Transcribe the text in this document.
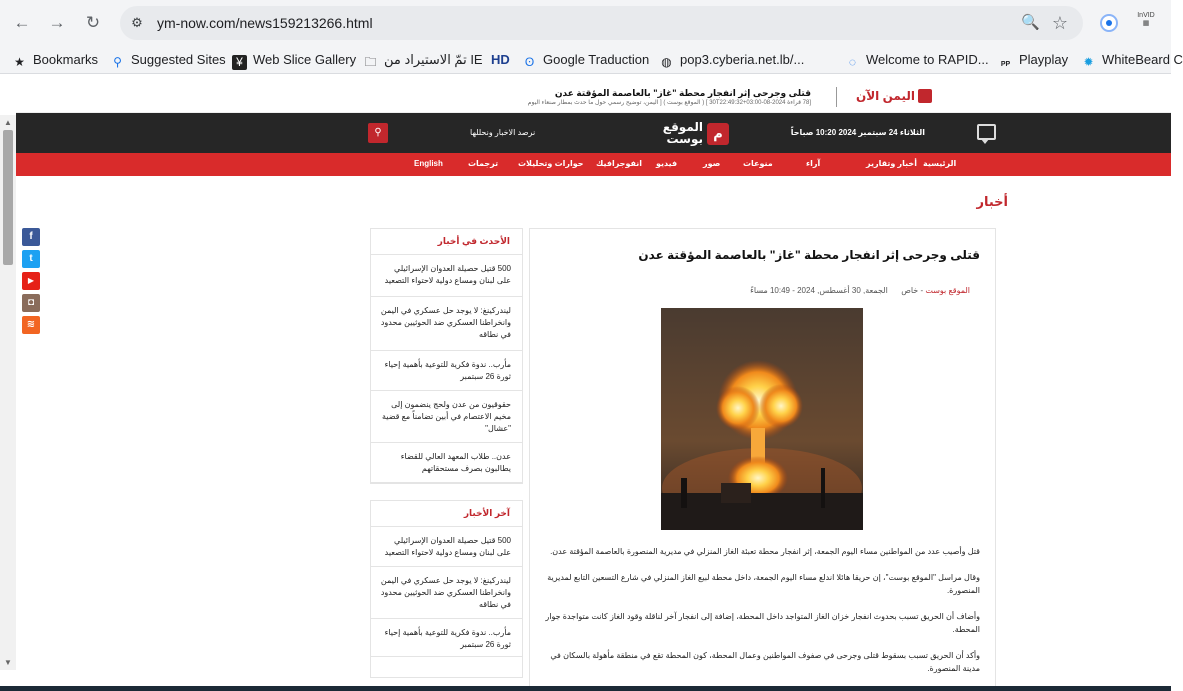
← → ↻	⚙ ym-now.com/news159213266.html	🔍 ☆	InVID
▦
★ Bookmarks ⚲ Suggested Sites ¥ Web Slice Gallery 🗀 تمّ الاستيراد من IE HD ʘ Google Traduction ◍ pop3.cyberia.net.lb/...	◌ Welcome to RAPID...	PP Playplay ✹ WhiteBeard C
اليمن الآن
قتلى وجرحى إثر انفجار محطة "غاز" بالعاصمة المؤقتة عدن
[78 قراءة 2024-08-30T22:49:32+03:00 ] ( الموقع بوست ) [ اليمن، توضيح رسمي حول ما حدث بمطار صنعاء اليوم
الثلاثاء 24 سبتمبر 2024 10:20 صباحاً
م
الموقع
بوست
نرصد الاخبار ونحللها
⚲
الرئيسية
أخبار وتقارير
آراء
منوعات
صور
فيديو
انفوجرافيك
حوارات وتحليلات
ترجمات
English
أخبار
f
t
▶
◘
≋
الأحدث في أخبار
500 قتيل حصيلة العدوان الإسرائيلي على لبنان ومساع دولية لاحتواء التصعيد
ليندركينغ: لا يوجد حل عسكري في اليمن وانخراطنا العسكري ضد الحوثيين محدود في نطاقه
مأرب.. ندوة فكرية للتوعية بأهمية إحياء ثورة 26 سبتمبر
حقوقيون من عدن ولحج ينضمون إلى مخيم الاعتصام في أبين تضامناً مع قضية "عشال"
عدن.. طلاب المعهد العالي للقضاء يطالبون بصرف مستحقاتهم
آخر الأخبار
500 قتيل حصيلة العدوان الإسرائيلي على لبنان ومساع دولية لاحتواء التصعيد
ليندركينغ: لا يوجد حل عسكري في اليمن وانخراطنا العسكري ضد الحوثيين محدود في نطاقه
مأرب.. ندوة فكرية للتوعية بأهمية إحياء ثورة 26 سبتمبر
قتلى وجرحى إثر انفجار محطة "غاز" بالعاصمة المؤقتة عدن
الموقع بوست - خاص      الجمعة, 30 أغسطس, 2024 - 10:49 مساءً
قتل وأصيب عدد من المواطنين مساء اليوم الجمعة، إثر انفجار محطة تعبئة الغاز المنزلي في مديرية المنصورة بالعاصمة المؤقتة عدن.
وقال مراسل "الموقع بوست"، إن حريقا هائلا اندلع مساء اليوم الجمعة، داخل محطة لبيع الغاز المنزلي في شارع التسعين التابع لمديرية المنصورة.
وأضاف أن الحريق تسبب بحدوث انفجار خزان الغاز المتواجد داخل المحطة، إضافة إلى انفجار آخر لناقلة وقود الغاز كانت متواجدة جوار المحطة.
وأكد أن الحريق تسبب بسقوط قتلى وجرحى في صفوف المواطنين وعمال المحطة، كون المحطة تقع في منطقة مأهولة بالسكان في مدينة المنصورة.
▲
▼
